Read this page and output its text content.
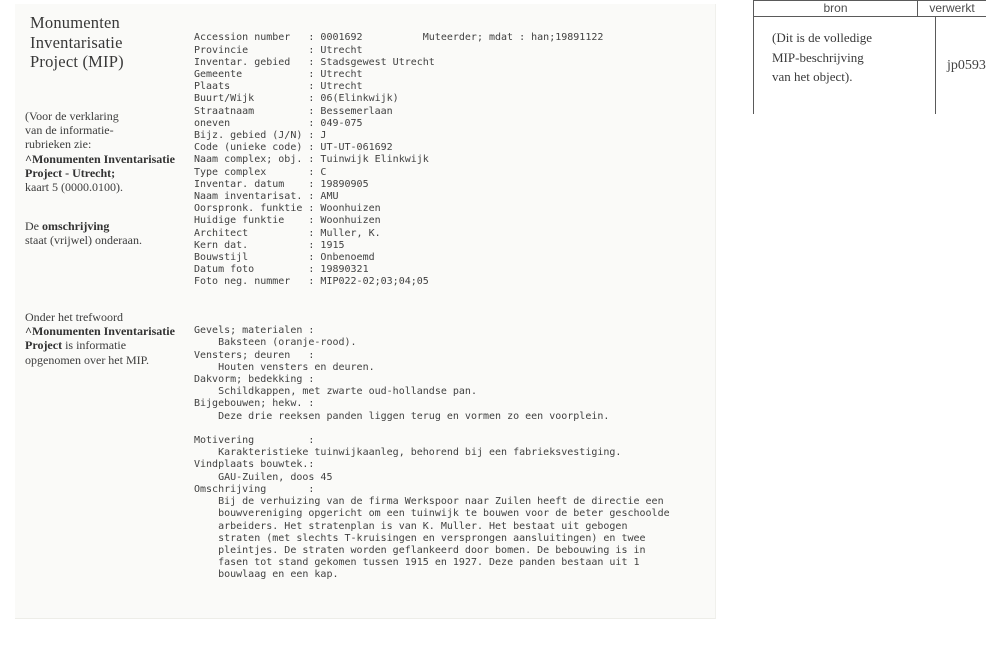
Monumenten
Inventarisatie
Project (MIP)
(Voor de verklaring
van de informatie-
rubrieken zie:
^Monumenten Inventarisatie
Project - Utrecht;
kaart 5 (0000.0100).
De omschrijving
staat (vrijwel) onderaan.
Onder het trefwoord
^Monumenten Inventarisatie
Project is informatie
opgenomen over het MIP.

Accession number : 0001692	Muteerder; mdat : han;19891122
Provincie	: Utrecht
Inventar. gebied : Stadsgewest Utrecht
Gemeente	: Utrecht
Plaats	: Utrecht
Buurt/Wijk	: 06(Elinkwijk)
Straatnaam	: Bessemerlaan
oneven	: 049-075
Bijz. gebied (J/N) : J
Code (unieke code) : UT-UT-061692
Naam complex; obj. : Tuinwijk Elinkwijk
Type complex	: C
Inventar. datum : 19890905
Naam inventarisat. : AMU
Oorspronk. funktie : Woonhuizen
Huidige funktie : Woonhuizen
Architect	: Muller, K.
Kern dat.	: 1915
Bouwstijl	: Onbenoemd
Datum foto	: 19890321
Foto neg. nummer : MIP022-02;03;04;05

Gevels; materialen :
Baksteen (oranje-rood).
Vensters; deuren :
Houten vensters en deuren.
Dakvorm; bedekking :
Schildkappen, met zwarte oud-hollandse pan.
Bijgebouwen; hekw. :
Deze drie reeksen panden liggen terug en vormen zo een voorplein.
Motivering	:
Karakteristieke tuinwijkaanleg, behorend bij een fabrieksvestiging.
Vindplaats bouwtek.:
GAU-Zuilen, doos 45
Omschrijving	:
Bij de verhuizing van de firma Werkspoor naar Zuilen heeft de directie een
bouwvereniging opgericht om een tuinwijk te bouwen voor de beter geschoolde
arbeiders. Het stratenplan is van K. Muller. Het bestaat uit gebogen
straten (met slechts T-kruisingen en versprongen aansluitingen) en twee
pleintjes. De straten worden geflankeerd door bomen. De bebouwing is in
fasen tot stand gekomen tussen 1915 en 1927. Deze panden bestaan uit 1
bouwlaag en een kap.

bron	verwerkt
(Dit is de volledige
MIP-beschrijving
van het object).
jp0593
